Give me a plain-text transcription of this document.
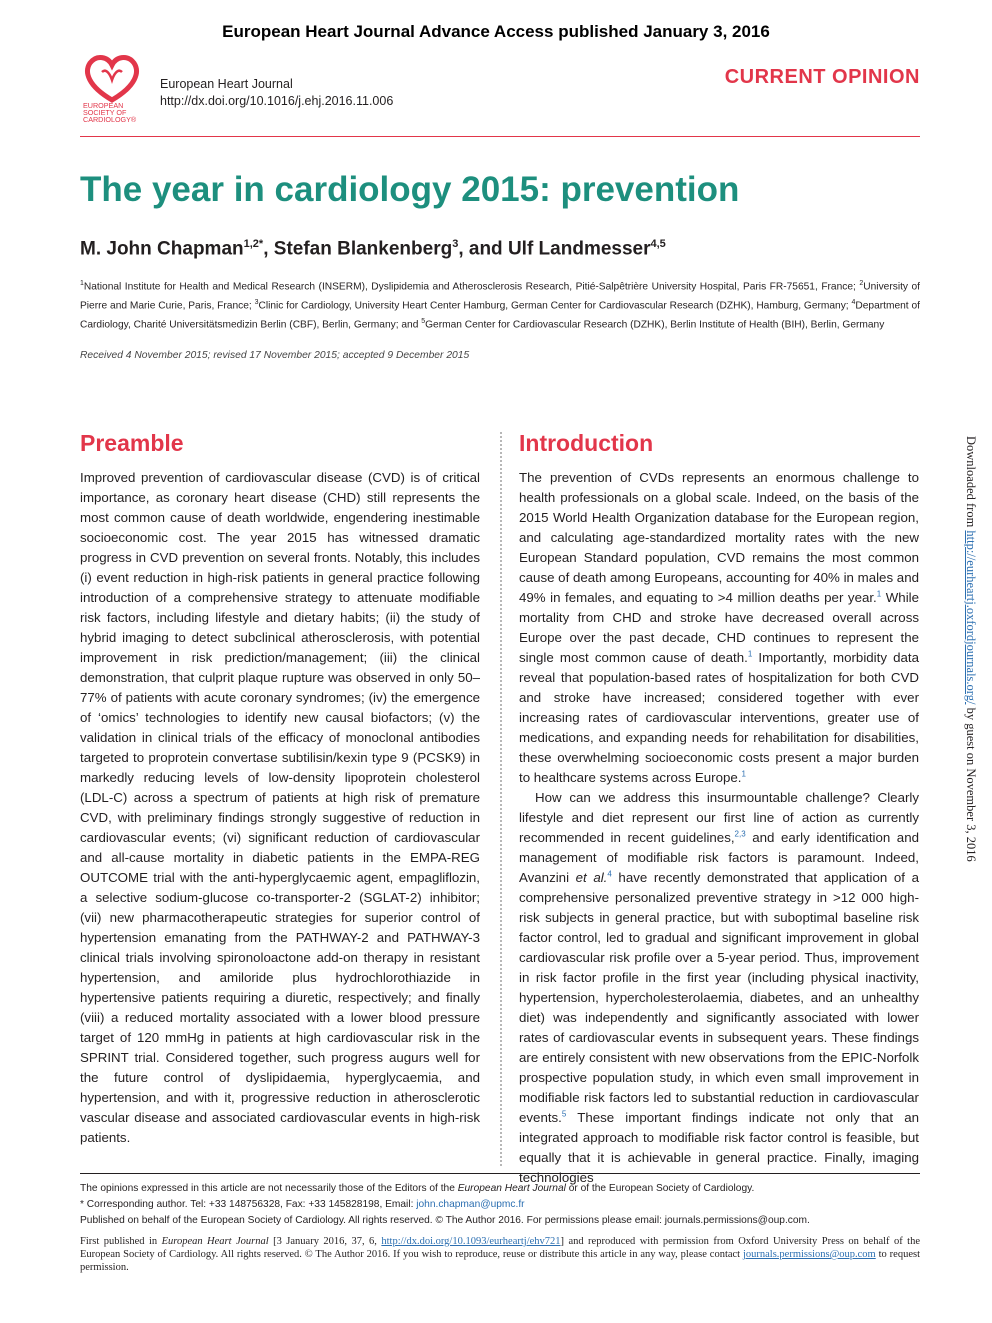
European Heart Journal Advance Access published January 3, 2016
EUROPEAN
SOCIETY OF
CARDIOLOGY®
European Heart Journal
http://dx.doi.org/10.1016/j.ehj.2016.11.006
CURRENT OPINION
The year in cardiology 2015: prevention
M. John Chapman$^{1,2*}$, Stefan Blankenberg$^3$, and Ulf Landmesser$^{4,5}$
$^1$National Institute for Health and Medical Research (INSERM), Dyslipidemia and Atherosclerosis Research, Pitié-Salpêtrière University Hospital, Paris FR-75651, France; $^2$University of Pierre and Marie Curie, Paris, France; $^3$Clinic for Cardiology, University Heart Center Hamburg, German Center for Cardiovascular Research (DZHK), Hamburg, Germany; $^4$Department of Cardiology, Charité Universitätsmedizin Berlin (CBF), Berlin, Germany; and $^5$German Center for Cardiovascular Research (DZHK), Berlin Institute of Health (BIH), Berlin, Germany
Received 4 November 2015; revised 17 November 2015; accepted 9 December 2015
Preamble	Introduction

Improved prevention of cardiovascular disease (CVD) is of critical importance, as coronary heart disease (CHD) still represents the most common cause of death worldwide, engendering inestimable socioeconomic cost. The year 2015 has witnessed dramatic progress in CVD prevention on several fronts. Notably, this includes (i) event reduction in high-risk patients in general practice following introduction of a comprehensive strategy to attenuate modifiable risk factors, including lifestyle and dietary habits; (ii) the study of hybrid imaging to detect subclinical atherosclerosis, with potential improvement in risk prediction/management; (iii) the clinical demonstration, that culprit plaque rupture was observed in only 50–77% of patients with acute coronary syndromes; (iv) the emergence of ‘omics’ technologies to identify new causal biofactors; (v) the validation in clinical trials of the efficacy of monoclonal antibodies targeted to proprotein convertase subtilisin/kexin type 9 (PCSK9) in markedly reducing levels of low-density lipoprotein cholesterol (LDL-C) across a spectrum of patients at high risk of premature CVD, with preliminary findings strongly suggestive of reduction in cardiovascular events; (vi) significant reduction of cardiovascular and all-cause mortality in diabetic patients in the EMPA-REG OUTCOME trial with the anti-hyperglycaemic agent, empagliflozin, a selective sodium-glucose co-transporter-2 (SGLAT-2) inhibitor; (vii) new pharmacotherapeutic strategies for superior control of hypertension emanating from the PATHWAY-2 and PATHWAY-3 clinical trials involving spironoloactone add-on therapy in resistant hypertension, and amiloride plus hydrochlorothiazide in hypertensive patients requiring a diuretic, respectively; and finally (viii) a reduced mortality associated with a lower blood pressure target of 120 mmHg in patients at high cardiovascular risk in the SPRINT trial. Considered together, such progress augurs well for the future control of dyslipidaemia, hyperglycaemia, and hypertension, and with it, progressive reduction in atherosclerotic vascular disease and associated cardiovascular events in high-risk patients.

The prevention of CVDs represents an enormous challenge to health professionals on a global scale. Indeed, on the basis of the 2015 World Health Organization database for the European region, and calculating age-standardized mortality rates with the new European Standard population, CVD remains the most common cause of death among Europeans, accounting for 40% in males and 49% in females, and equating to >4 million deaths per year.$^1$ While mortality from CHD and stroke have decreased overall across Europe over the past decade, CHD continues to represent the single most common cause of death.$^1$ Importantly, morbidity data reveal that population-based rates of hospitalization for both CVD and stroke have increased; considered together with ever increasing rates of cardiovascular interventions, greater use of medications, and expanding needs for rehabilitation for disabilities, these overwhelming socioeconomic costs present a major burden to healthcare systems across Europe.$^1$

How can we address this insurmountable challenge? Clearly lifestyle and diet represent our first line of action as currently recommended in recent guidelines,$^{2,3}$ and early identification and management of modifiable risk factors is paramount. Indeed, Avanzini et al.$^4$ have recently demonstrated that application of a comprehensive personalized preventive strategy in >12 000 high-risk subjects in general practice, but with suboptimal baseline risk factor control, led to gradual and significant improvement in global cardiovascular risk profile over a 5-year period. Thus, improvement in risk factor profile in the first year (including physical inactivity, hypertension, hypercholesterolaemia, diabetes, and an unhealthy diet) was independently and significantly associated with lower rates of cardiovascular events in subsequent years. These findings are entirely consistent with new observations from the EPIC-Norfolk prospective population study, in which even small improvement in modifiable risk factors led to substantial reduction in cardiovascular events.$^5$ These important findings indicate not only that an integrated approach to modifiable risk factor control is feasible, but equally that it is achievable in general practice. Finally, imaging technologies

The opinions expressed in this article are not necessarily those of the Editors of the European Heart Journal or of the European Society of Cardiology.

* Corresponding author. Tel: +33 148756328, Fax: +33 145828198, Email: john.chapman@upmc.fr

Published on behalf of the European Society of Cardiology. All rights reserved. © The Author 2016. For permissions please email: journals.permissions@oup.com.

First published in European Heart Journal [3 January 2016, 37, 6, http://dx.doi.org/10.1093/eurheartj/ehv721] and reproduced with permission from Oxford University Press on behalf of the European Society of Cardiology. All rights reserved. © The Author 2016. If you wish to reproduce, reuse or distribute this article in any way, please contact journals.permissions@oup.com to request permission.
Downloaded from http://eurheartj.oxfordjournals.org/ by guest on November 3, 2016
